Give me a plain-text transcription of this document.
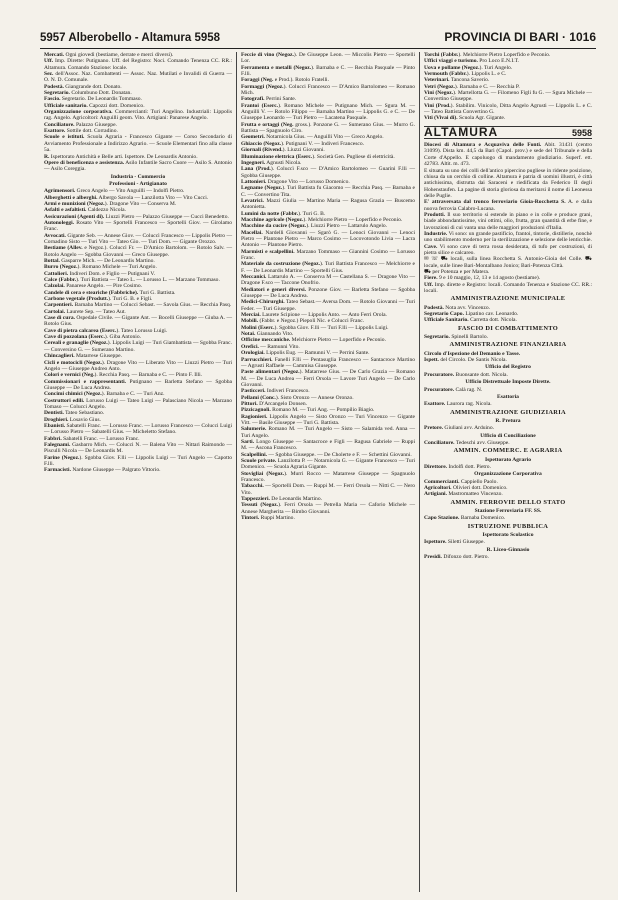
5957 Alberobello - Altamura 5958	PROVINCIA DI BARI · 1016

Mercati. Ogni giovedì (bestiame, derrate e merci diversi).

Uff. Imp. Dirette: Putignano. Uff. del Registro: Noci. Comando Tenenza CC. RR.: Altamura. Comando Stazione: locale.

Sez. dell'Assoc. Naz. Combattenti — Assoc. Naz. Mutilati e Invalidi di Guerra — O. N. D. Comunale.

Podestà. Giangrande dott. Donato.

Segretario. Columbuno Dott. Donatan.

Fascio. Segretario. De Leonardis Tommaso.

Ufficiale sanitario. Capozzi dott. Domenico.

Organizzazione corporativa. Commercianti: Turi Angelino. Industriali: Lippolis rag. Angelo. Agricoltori: Anguilli geom. Vito. Artigiani: Panarese Angelo.

Conciliatore. Palazzo Giuseppe.

Esattore. Sottile dott. Corradino.

Scuole e istituti. Scuola Agraria - Francesco Gigante — Corso Secondario di Avviamento Professionale a Indirizzo Agrario. — Scuole Elementari fino alla classe 5a.

R. Ispettorato Antichità e Belle arti. Ispettore. De Leonardis Antonio.

Opere di beneficenza e assistenza. Asilo Infantile Sacro Cuore — Asilo S. Antonio — Asilo Coreggia.

Industria - Commercio

Professioni - Artigianato

Agrimensori. Greco Angelo — Vito Anguilli — Indolfi Pietro.

Alberghetti e alberghi. Albergo Savola — Lanzilotta Vito — Vito Cucci.

Armi e munizioni (Negoz.). Dragone Vito — Conserva M.

Asfalti e asfaltisti. Caldezzo Nicola.

Assicurazioni (Agenti di). Liuzzi Pietro — Palazzo Giuseppe — Cucci Benedetto.

Autonoleggi. Rosato Vito — Sportelli Francesco — Sportelli Giov. — Girolamo Franc.

Avvocati. Gigante Seb. — Annese Giov. — Coluccì Francesco — Lippolis Pietro — Cornadino Sisto — Turi Vito — Tateo Gio. — Turi Dom. — Gigante Orozzo.

Bestiame (Allev. e Negoz.). Coluccì Fr. — D'Amico Bartolom. — Rotolo Salv. — Rotolo Angelo — Sgobba Giovanni — Greco Giuseppe.

Bottal. Gasparre Mich. — De Leonardis Martino.

Burro (Negoz.). Romano Michele — Turi Angelo.

Cattolieri. Indiveri Dom. e Figlio — Putignani V.

Calce (Fabbr.). Turi Battista — Tateo L. — Lorusso L. — Marzano Tommaso.

Calzolai. Panarese Angelo. — Pire Cosimo.

Candele di cera e steariche (Fabbriche). Turi G. Battista.

Carbone vegetale (Produtt.). Turi G. B. e Figli.

Carpentieri. Barnaba Martino — Colucci Sebast. — Savola Gius. — Recchia Pasq.

Cartolai. Laurete Sep. — Tateo Aut.

Case di cura. Ospedale Civile. — Gigante Ant. — Bocelli Giuseppe — Giuba A. — Rotolo Gius.

Cave di pietra calcarea (Eserc.). Tateo Lorusso Luigi.

Cave di pozzolana (Eserc.). Giba Antonio.

Cereali e granaglie (Negoz.). Lippolis Luigi — Turi Giambattista — Sgobba Franc. — Conversino G. — Sumerano Martino.

Chincaglieri. Matarrese Giuseppe.

Cicli e motocicli (Negoz.). Dragone Vito — Liberato Vito — Liuzzi Pietro — Turi Angelo — Giuseppe Andreo Anto.

Colori e vernici (Neg.). Recchia Pasq. — Barnaba e C. — Pinto F. Illi.

Commissionari e rappresentanti. Putignano — Barletta Stefano — Sgobba Giuseppe — De Luca Andrea.

Concimi chimici (Negoz.). Barnaba e C. — Turi Anz.

Costruttori edili. Lorusso Luigi — Tateo Luigi — Palasciano Nicola — Marzano Tomaso — Colucci Angelo.

Dentisti. Tateo Sebastiano.

Droghieri. Losavio Gius.

Ebanisti. Sabatelli Franc. — Lorusso Franc. — Lorusso Francesco — Colucci Luigi — Lorusso Pietro — Sabatelli Gius. — Micheletto Stefano.

Fabbri. Sabatelli Franc. — Lorusso Franc.

Falegnami. Gasbarro Mich. — Colucci N. — Balena Vito — Nittari Raimondo — Pisculli Nicola — De Leonardis M.

Farine (Negoz.). Sgobba Giov. F.lli — Lippolis Luigi — Turi Angelo — Capotto F.lli.

Farmacisti. Nardone Giuseppe — Palgrato Vittorio.

Feccie di vino (Negoz.). De Giuseppe Leon. — Miccolis Pietro — Sportelli Lor.

Ferramenta e metalli (Negoz.). Barnaba e C. — Recchia Pasquale — Pinto F.lli.

Foraggi (Neg. e Prod.). Rotolo Fratelli.

Formaggi (Negoz.). Colucci Francesco — D'Amico Bartolomeo — Romano Mich.

Fotografi. Perrini Sante.

Frantoi (Eserc.). Romano Michele — Putignano Mich. — Sgura M. — Anguilli V. — Rotolo Filippo — Barnaba Martino — Lippolis G. e C. — De Giuseppe Leonardo — Turi Pietro — Lacatena Pasquale.

Frutta e ortaggi (Neg. gross.). Ponzone G. — Sumerano Gius. — Murro G. Battista — Spagnuolo Ciro.

Geometri. Notarnicola Gius. — Anguilli Vito — Greco Angelo.

Ghiaccio (Negoz.). Putignani V. — Indiveri Francesco.

Giornali (Rivend.). Liuzzi Giovanni.

Illuminazione elettrica (Eserc.). Società Gen. Pugliese di elettricità.

Ingegneri. Agnusti Nicola.

Lana (Prod.). Coluccì F.sco — D'Amico Bartolomeo — Guarini F.lli — Sgobba Giuseppe.

Lattonieri. Dragone Vito — Lorusso Domenico.

Legname (Negoz.). Turi Battista fu Giacomo — Recchia Pasq. — Barnaba e C. — Convertino Tita.

Levatrici. Mazzi Giulia — Martino Maria — Ragusa Grazia — Buscemo Antonietta.

Lumini da notte (Fabbr.). Turi G. B.

Macchine agricole (Negoz.). Melchiorre Pietro — Loperfido e Peconio.

Macchine da cucire (Negoz.). Liuzzi Pietro — Lattarulo Angelo.

Macellai. Nardelli Giovanni — Sgarò G. — Lenoci Giovanni — Lenoci Pietro — Plantone Pietro — Marco Cosimo — Locovotondo Livia — Lacra Antonio — Plantone Pietro.

Marmisti e scalpellini. Marzano Tommaso — Giannini Cosimo — Lorusso Franc.

Materiale da costruzione (Negoz.). Turi Battista Francesco — Melchiorre e F. — De Leonardis Martino — Sportelli Gius.

Meccanici. Lattarulo A. — Conserva M — Castellana S. — Dragone Vito — Dragone F.sco — Taccone Onofrio.

Mediatori e generi diversi. Ponzone Giov. — Barletta Stefano — Sgobba Giuseppe — De Luca Andrea.

Medici-Chirurghi. Tateo Sebast.— Aversa Dom. — Rotolo Giovanni — Turi Feder. — Turi Giuseppe.

Merciai. Laurete Scipione — Lippolis Anto. — Anto Ferri Orola.

Mobili. (Fabbr. e Negoz.) Piepoli Nic. e Colucci Franc.

Molini (Eserc.). Sgobba Giov. F.lli — Turi F.lli — Lippolis Luigi.

Notai. Giannando Vito.

Officine meccaniche. Melchiorre Pietro — Loperfido e Peconio.

Orefici. — Ramunni Vito.

Orologiai. Lippolis Eug. — Ramunni V. — Perrini Sante.

Parrucchieri. Fanelli F.lli — Pentasuglia Francesco — Santacroce Martino — Agrusti Raffaele — Cammisa Giuseppe.

Paste alimentari (Negoz.). Matarrese Gius. — De Carlo Grazia — Romano M. — De Luca Andrea — Ferri Orsola — Lavore Turi Angelo — De Carlo Giovanni.

Pasticceri. Indiveri Francesco.

Pellami (Conc.). Sisto Oronzo — Annese Oronzo.

Pittori. D'Arcangelo Donsen.

Pizzicagnoli. Romano M. — Turi Ang. — Pompilio Biagio.

Ragionieri. Lippolis Angelo — Sisto Oronzo — Turi Vincenzo — Gigante Vitt. — Basile Giuseppe — Turi G. Battista.

Salumerie. Romano M. — Turi Angelo — Sisto — Salamida ved. Anna — Turi Angelo.

Sarti. Longo Giuseppe — Santacroce e Figli — Ragusa Gabriele — Ruppi M. — Ascona Francesco.

Scalpellini. — Sgobba Giuseppe. — De Cholerte e F. — Schettini Giovanni.

Scuole private. Lanzilotta P. — Notarnicola G. — Gigante Francesco — Turi Domenico. — Scuola Agraria Gigante.

Stovigliai (Negoz.). Murri Rocco — Matarrese Giuseppe — Spagnuolo Francesco.

Tabacchi. — Sportelli Dom. — Ruppi M. — Ferri Orsola — Nitti C. — Nero Vito.

Tappezzieri. De Leonardis Martino.

Tessuti (Negoz.). Ferri Orsola — Petrella Maria — Caforio Michele — Annese Margherita — Bimbo Giovanni.

Tintori. Ruppi Martino.

Torchi (Fabbr.). Melchiorre Pietro Loperfido e Peconio.

Uffici viaggi e turismo. Pro Loco E.N.I.T.

Uova e pollame (Negoz.). Turi Angelo.

Vermouth (Fabbr.). Lippolis L. e C.

Veterinari. Tancona Saverio.

Vetri (Negoz.). Barnaba e C. — Recchia P.

Vini (Negoz.). Martellotta G. — Filomeno Figli fu G. — Sgura Michele — Convertino Giuseppe.

Vini (Prod.). Stabilim. Vinicolo, Ditta Angelo Agrusti — Lippolis L. e C. — Tateo Battista Convertino G.

Viti (Vivai di). Scuola Agr. Gigante.

ALTAMURA	5958

Diocesi di Altamura e Acquaviva delle Fonti. Abit. 31431 (centro 31099). Dista km. 44,5 da Bari (Capol. prov.) e sede del Tribunale e della Corte d'Appello. E capoluogo di mandamento giudiziario. Superf. ett. 42783. Altit. m. 473.

E situata su uno dei colli dell'antico pipercino pugliese in ridente posizione, chiusa da un cerchio di colline. Altamura è patria di uomini illustri, è città antichissima, distrutta dai Saraceni e riedificata da Federico II degli Hohenstaufen. La pagine di storia gloriosa da meritarsi il nome di Leonessa delle Puglie.

E' attraversata dal tronco ferroviario Gioia-Rocchetta S. A. e dalla nuova ferrovia Calabro-Lucana.

Prodotti. Il suo territorio si estende in piano e in colle e produce grani, biade abbondantissime, vini ottimi, olio, frutta, gran quantità di erbe fine, e lavorazioni di cui vanta una delle maggiori produzioni d'Italia.

Industrie. Vi sono: un grande pastificio, frantoi, tintorie, distillerie, nonchè uno stabilimento moderno per la sterilizzazione e selezione delle lenticchie.

Cave. Vi sono cave di terra rossa desiderata, di tufo per costruzioni, di pietra silice e calcareo.

✉ ☏ ⛟ locali, sulla linea Rocchetta S. Antonio-Gioia del Colle. ⛟ locale, sulle linee Bari-Montalbano Jonico; Bari-Potenza Città.

⛟ per Potenza e per Matera.

Fiere. 9 e 10 maggio, 12, 13 e 14 agosto (bestiame).

Uff. Imp. dirette e Registro: locali. Comando Tenenza e Stazione CC. RR.: locali.

AMMINISTRAZIONE MUNICIPALE

Podestà. Nota avv. Vincenzo.

Segretario Capo. Lipatino cav. Leonardo.

Ufficiale Sanitario. Carretta dott. Nicola.

FASCIO DI COMBATTIMENTO

Segretario. Spinelli Bartolo.

AMMINISTRAZIONE FINANZIARIA

Circolo d'Ispezione del Demanio e Tasse.

Ispett. del Circolo. De Santis Nicola.

Ufficio del Registro

Procuratore. Buonsante dott. Nicola.

Ufficio Distrettuale Imposte Dirette.

Procuratore. Calà rag. N.

Esattoria

Esattore. Laurora rag. Nicola.

AMMINISTRAZIONE GIUDIZIARIA

R. Pretura

Pretore. Giuliani avv. Arduino.

Ufficio di Conciliazione

Conciliatore. Tedeschi avv. Giuseppe.

AMMIN. COMMERC. E AGRARIA

Ispettorato Agrario

Direttore. Indolfi dott. Pietro.

Organizzazione Corporativa

Commercianti. Cappiello Paolo.

Agricoltori. Olivieri dott. Domenico.

Artigiani. Mastromatteo Vincenzo.

AMMIN. FERROVIE DELLO STATO

Stazione Ferroviaria FF. SS.

Capo Stazione. Barnaba Domenico.

ISTRUZIONE PUBBLICA

Ispettorato Scolastico

Ispettore. Siletti Giuseppe.

R. Liceo-Ginnasio

Presidi. Difonzo dott. Pietro.
